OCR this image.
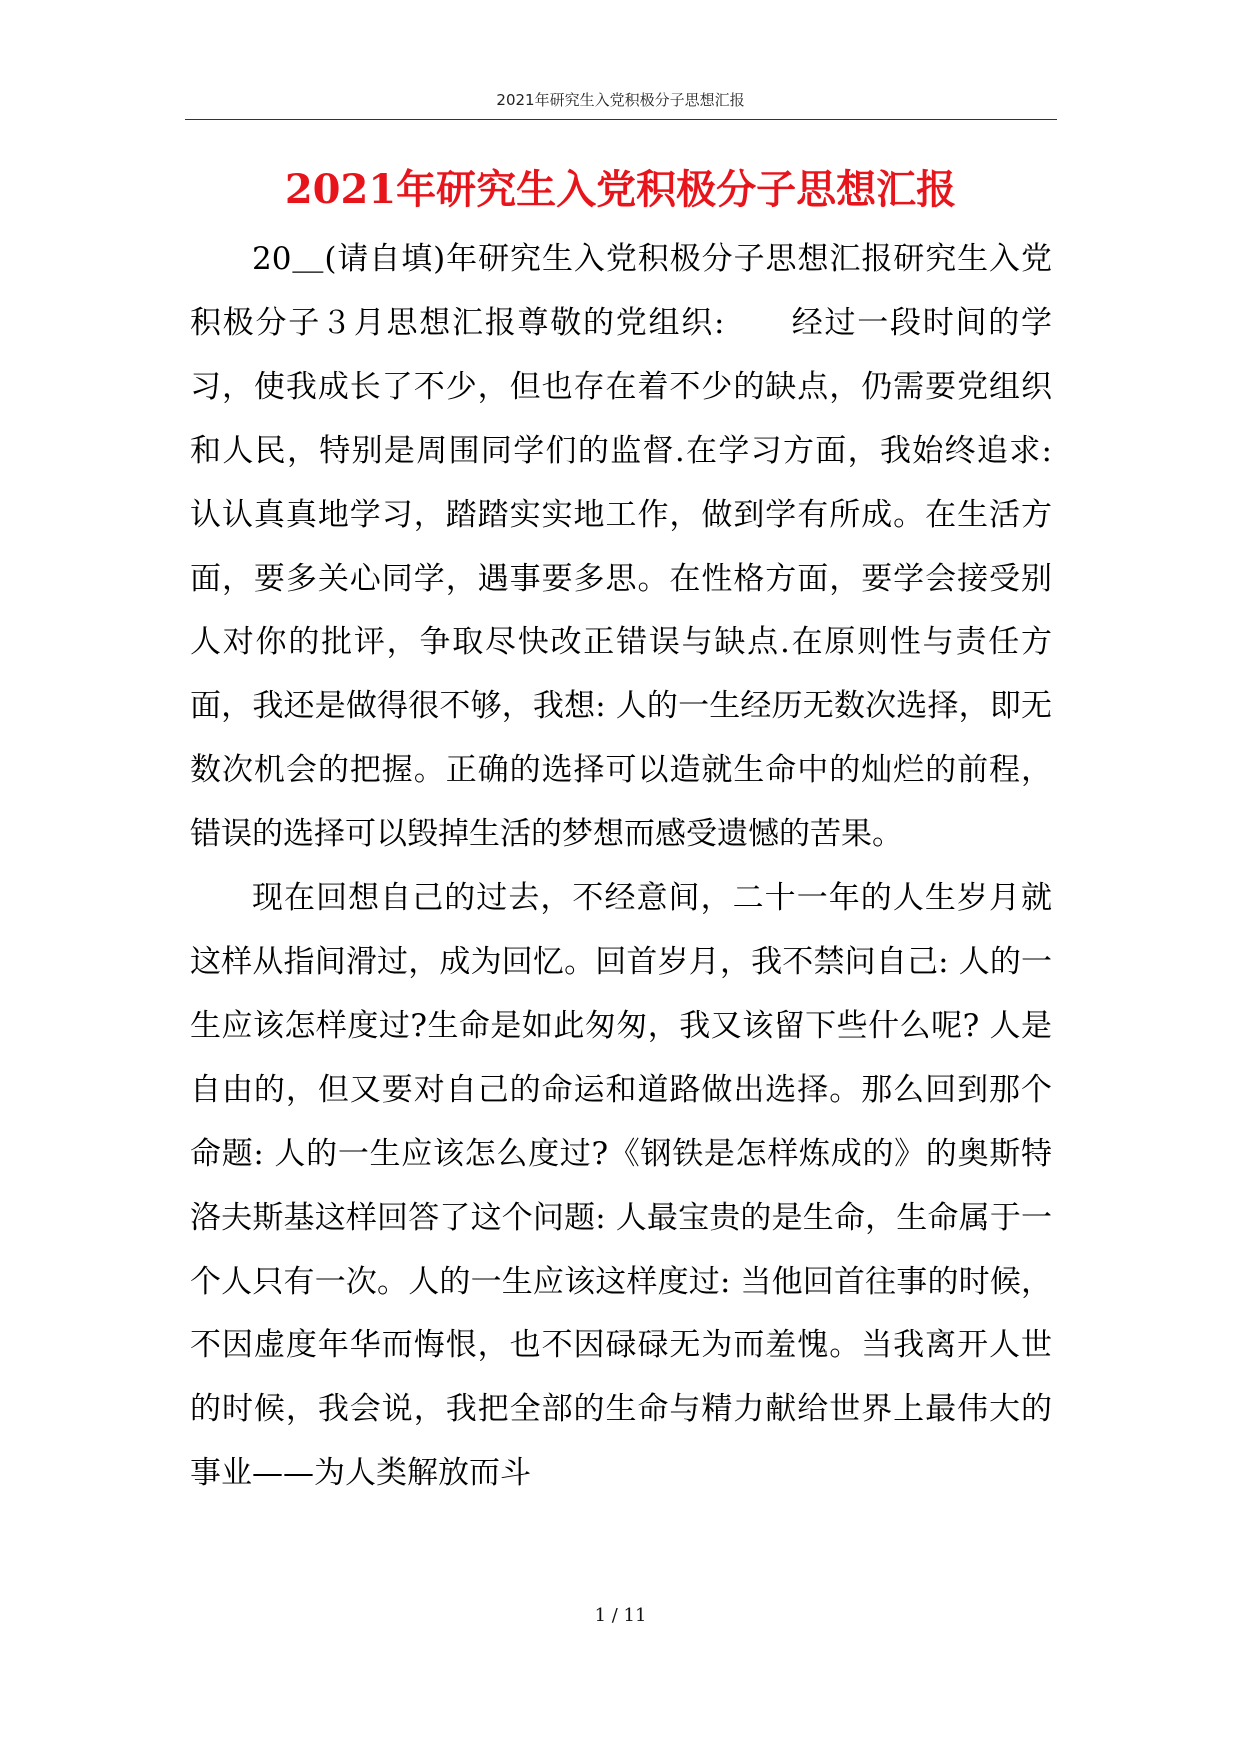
2021年研究生入党积极分子思想汇报
2021年研究生入党积极分子思想汇报

20＿(请自填)年研究生入党积极分子思想汇报研究生入党积极分子３月思想汇报尊敬的党组织:　　经过一段时间的学习，使我成长了不少，但也存在着不少的缺点，仍需要党组织和人民，特别是周围同学们的监督.在学习方面，我始终追求: 认认真真地学习，踏踏实实地工作，做到学有所成。在生活方面，要多关心同学，遇事要多思。在性格方面，要学会接受别人对你的批评，争取尽快改正错误与缺点.在原则性与责任方面，我还是做得很不够，我想: 人的一生经历无数次选择，即无数次机会的把握。正确的选择可以造就生命中的灿烂的前程，错误的选择可以毁掉生活的梦想而感受遗憾的苦果。

现在回想自己的过去，不经意间，二十一年的人生岁月就这样从指间滑过，成为回忆。回首岁月，我不禁问自己: 人的一生应该怎样度过?生命是如此匆匆，我又该留下些什么呢? 人是自由的，但又要对自己的命运和道路做出选择。那么回到那个命题: 人的一生应该怎么度过?《钢铁是怎样炼成的》的奥斯特洛夫斯基这样回答了这个问题: 人最宝贵的是生命，生命属于一个人只有一次。人的一生应该这样度过: 当他回首往事的时候，不因虚度年华而悔恨，也不因碌碌无为而羞愧。当我离开人世的时候，我会说，我把全部的生命与精力献给世界上最伟大的事业——为人类解放而斗

1 / 11
